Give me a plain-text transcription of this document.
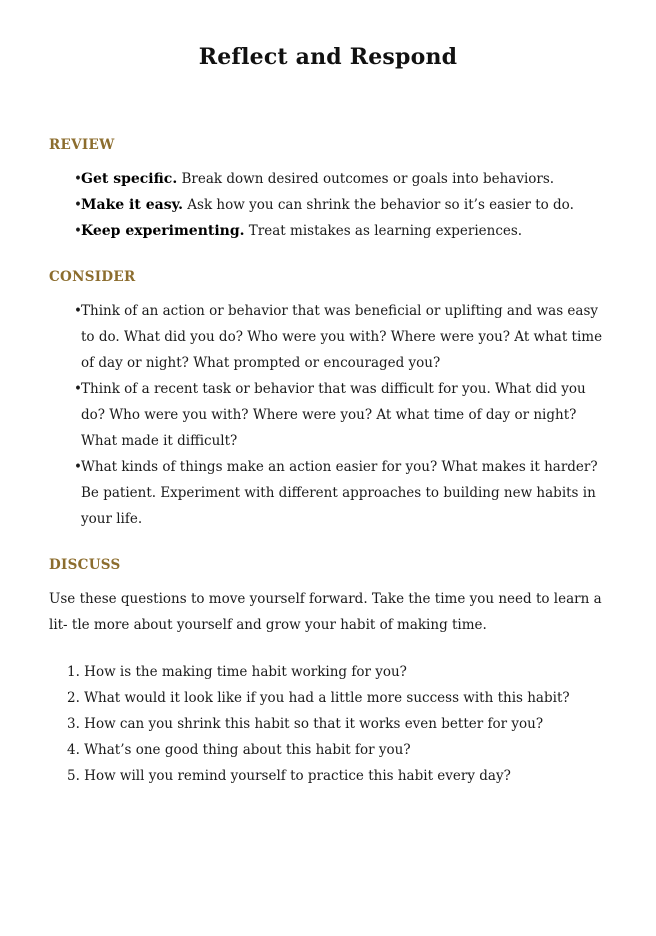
Reflect and Respond
REVIEW
•Get specific. Break down desired outcomes or goals into behaviors.
•Make it easy. Ask how you can shrink the behavior so it’s easier to do.
•Keep experimenting. Treat mistakes as learning experiences.
CONSIDER
•Think of an action or behavior that was beneficial or uplifting and was easy to do. What did you do? Who were you with? Where were you? At what time of day or night? What prompted or encouraged you?
•Think of a recent task or behavior that was difficult for you. What did you do? Who were you with? Where were you? At what time of day or night? What made it difficult?
•What kinds of things make an action easier for you? What makes it harder? Be patient. Experiment with different approaches to building new habits in your life.
DISCUSS

Use these questions to move yourself forward. Take the time you need to learn a lit- tle more about yourself and grow your habit of making time.

1. How is the making time habit working for you?
2. What would it look like if you had a little more success with this habit?
3. How can you shrink this habit so that it works even better for you?
4. What’s one good thing about this habit for you?
5. How will you remind yourself to practice this habit every day?
